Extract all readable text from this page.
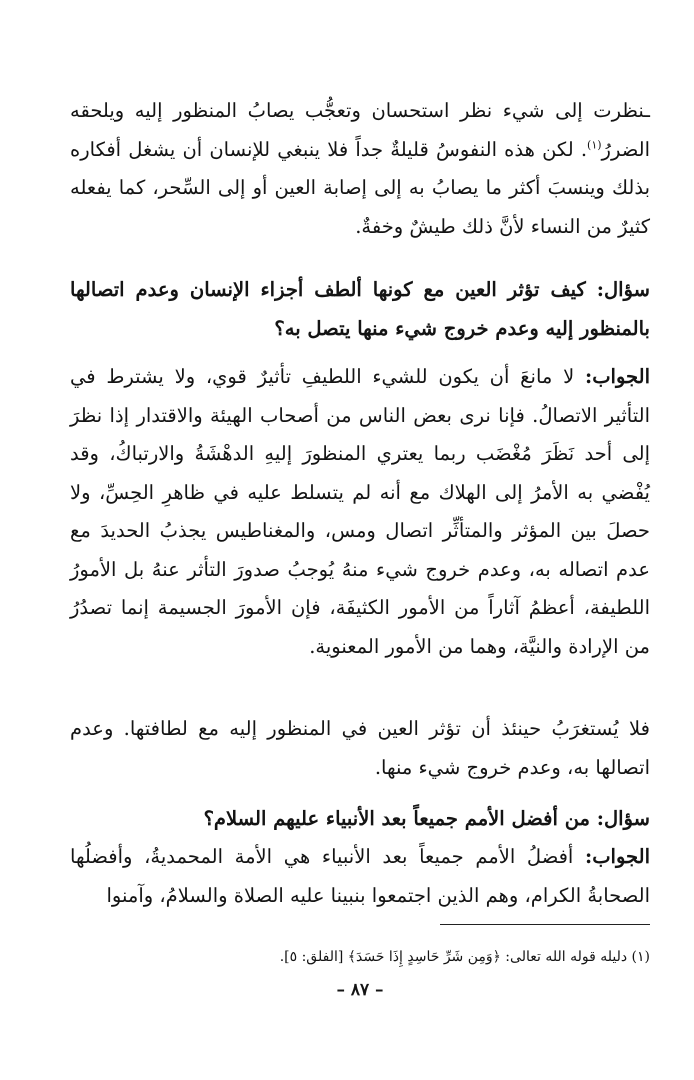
ـنظرت إلى شيء نظر استحسان وتعجُّب يصابُ المنظور إليه ويلحقه الضررُ$^{(١)}$. لكن هذه النفوسُ قليلةٌ جداً فلا ينبغي للإنسان أن يشغل أفكاره بذلك وينسبَ أكثر ما يصابُ به إلى إصابة العين أو إلى السِّحر، كما يفعله كثيرٌ من النساء لأنَّ ذلك طيشٌ وخفةٌ.

سؤال: كيف تؤثر العين مع كونها ألطف أجزاء الإنسان وعدم اتصالها بالمنظور إليه وعدم خروج شيء منها يتصل به؟

الجواب: لا مانعَ أن يكون للشيء اللطيفِ تأثيرٌ قوي، ولا يشترط في التأثير الاتصالُ. فإنا نرى بعض الناس من أصحاب الهيئة والاقتدار إذا نظرَ إلى أحد نَظَرَ مُغْضَب ربما يعتري المنظورَ إليهِ الدهْشَةُ والارتباكُ، وقد يُفْضي به الأمرُ إلى الهلاك مع أنه لم يتسلط عليه في ظاهرِ الحِسِّ، ولا حصلَ بين المؤثر والمتأثِّر اتصال ومس، والمغناطيس يجذبُ الحديدَ مع عدم اتصاله به، وعدم خروج شيء منهُ يُوجبُ صدورَ التأثر عنهُ بل الأمورُ اللطيفة، أعظمُ آثاراً من الأمور الكثيفَة، فإن الأمورَ الجسيمة إنما تصدُرُ من الإرادة والنيَّة، وهما من الأمور المعنوية.

فلا يُستغرَبُ حينئذ أن تؤثر العين في المنظور إليه مع لطافتها. وعدم اتصالها به، وعدم خروج شيء منها.

سؤال: من أفضل الأمم جميعاً بعد الأنبياء عليهم السلام؟

الجواب: أفضلُ الأمم جميعاً بعد الأنبياء هي الأمة المحمديةُ، وأفضلُها الصحابةُ الكرام، وهم الذين اجتمعوا بنبينا عليه الصلاة والسلامُ، وآمنوا

(١) دليله قوله الله تعالى: ﴿وَمِن شَرِّ حَاسِدٍ إِذَا حَسَدَ﴾ [الفلق: ٥].

– ٨٧ –
